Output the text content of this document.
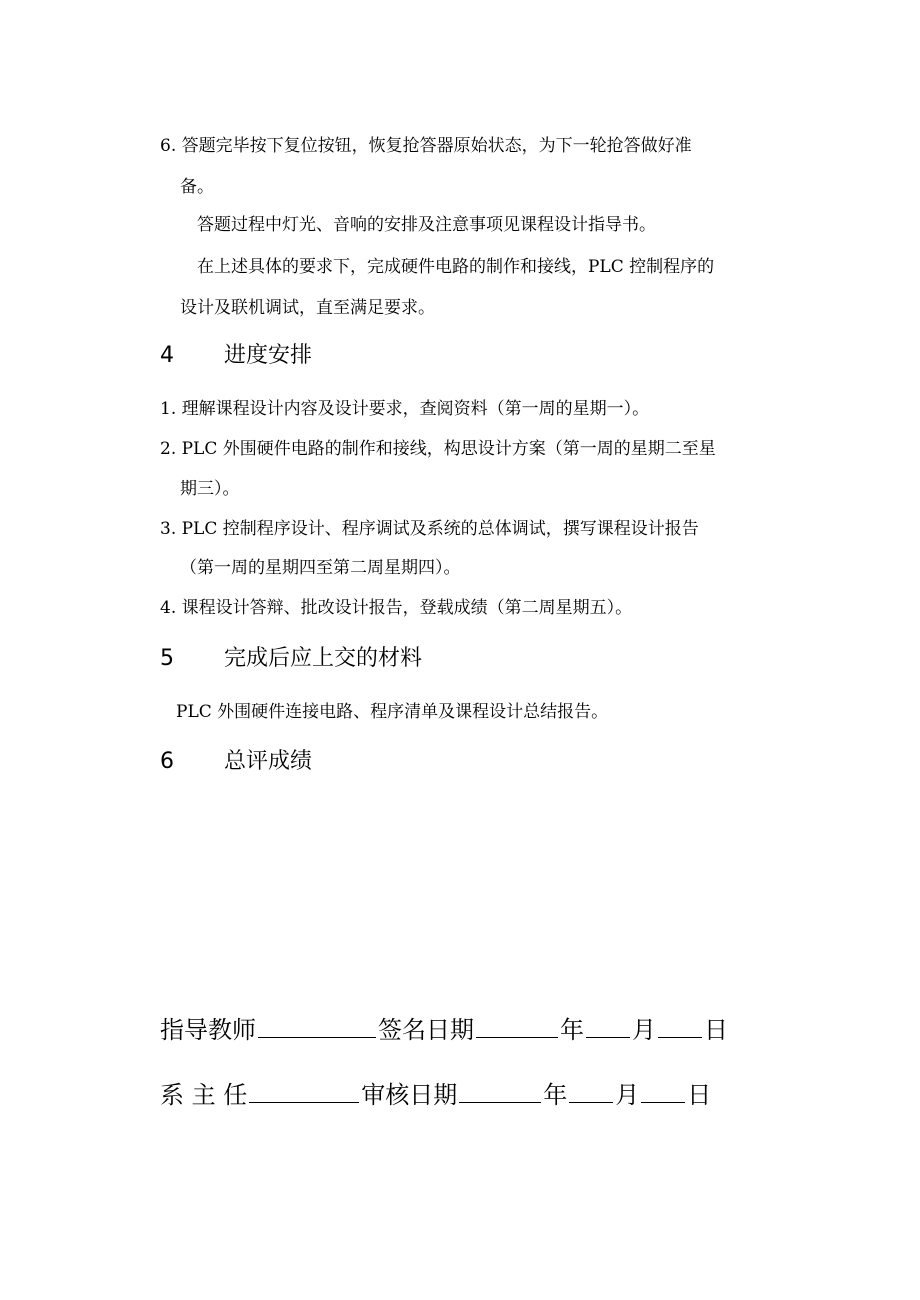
6. 答题完毕按下复位按钮，恢复抢答器原始状态，为下一轮抢答做好准
备。
答题过程中灯光、音响的安排及注意事项见课程设计指导书。
在上述具体的要求下，完成硬件电路的制作和接线，PLC 控制程序的
设计及联机调试，直至满足要求。
4 进度安排
1. 理解课程设计内容及设计要求，查阅资料（第一周的星期一）。
2. PLC 外围硬件电路的制作和接线，构思设计方案（第一周的星期二至星
期三）。
3. PLC 控制程序设计、程序调试及系统的总体调试，撰写课程设计报告
（第一周的星期四至第二周星期四）。
4. 课程设计答辩、批改设计报告，登载成绩（第二周星期五）。
5 完成后应上交的材料
PLC 外围硬件连接电路、程序清单及课程设计总结报告。
6 总评成绩
指导教师	签名日期	年 月 日
系 主 任	审核日期	年 月 日
